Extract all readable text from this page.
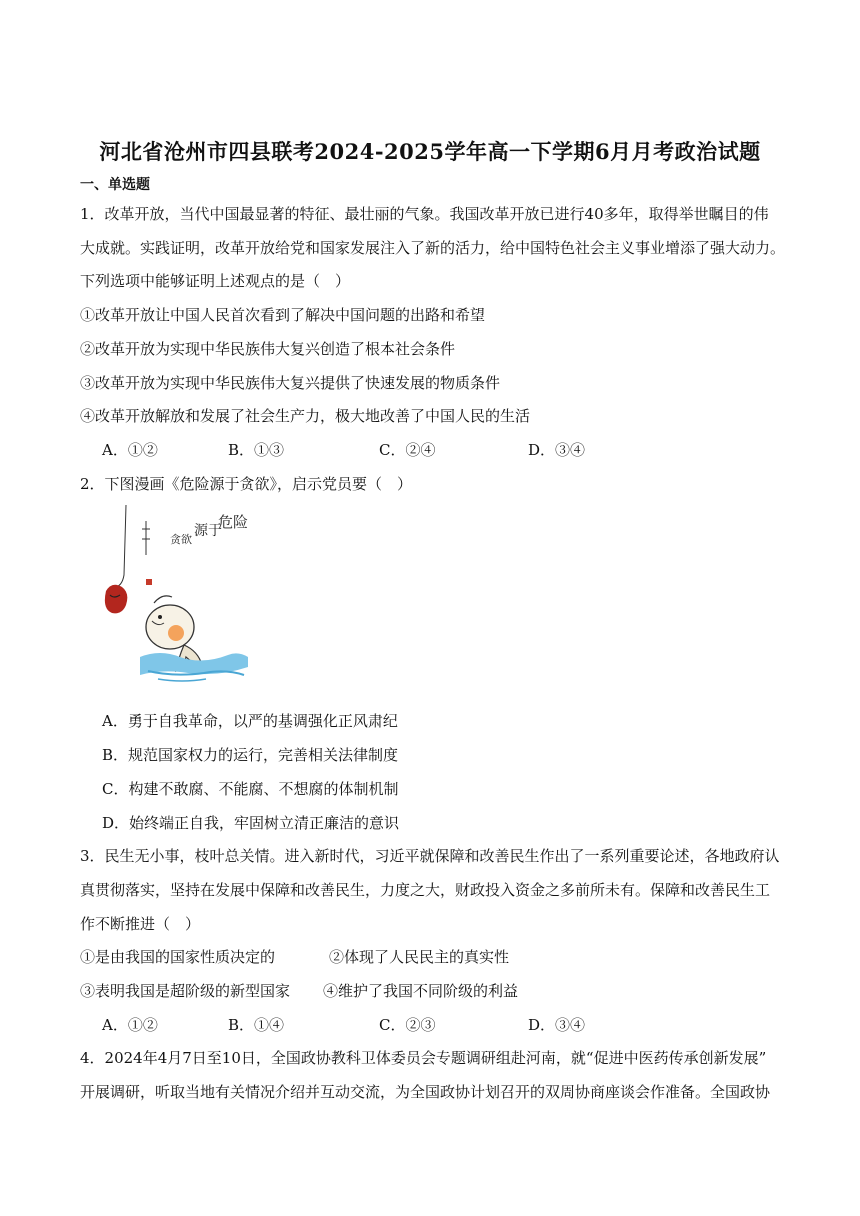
河北省沧州市四县联考2024-2025学年高一下学期6月月考政治试题
一、单选题
1．改革开放，当代中国最显著的特征、最壮丽的气象。我国改革开放已进行40多年，取得举世瞩目的伟
大成就。实践证明，改革开放给党和国家发展注入了新的活力，给中国特色社会主义事业增添了强大动力。
下列选项中能够证明上述观点的是（　）
①改革开放让中国人民首次看到了解决中国问题的出路和希望
②改革开放为实现中华民族伟大复兴创造了根本社会条件
③改革开放为实现中华民族伟大复兴提供了快速发展的物质条件
④改革开放解放和发展了社会生产力，极大地改善了中国人民的生活
A．①②	B．①③	C．②④	D．③④
2．下图漫画《危险源于贪欲》，启示党员要（　）
危险
源于
贪欲
A．勇于自我革命，以严的基调强化正风肃纪
B．规范国家权力的运行，完善相关法律制度
C．构建不敢腐、不能腐、不想腐的体制机制
D．始终端正自我，牢固树立清正廉洁的意识
3．民生无小事，枝叶总关情。进入新时代，习近平就保障和改善民生作出了一系列重要论述，各地政府认
真贯彻落实，坚持在发展中保障和改善民生，力度之大，财政投入资金之多前所未有。保障和改善民生工
作不断推进（　）
①是由我国的国家性质决定的	②体现了人民民主的真实性
③表明我国是超阶级的新型国家 ④维护了我国不同阶级的利益
A．①②	B．①④	C．②③	D．③④
4．2024年4月7日至10日，全国政协教科卫体委员会专题调研组赴河南，就“促进中医药传承创新发展”
开展调研，听取当地有关情况介绍并互动交流，为全国政协计划召开的双周协商座谈会作准备。全国政协
